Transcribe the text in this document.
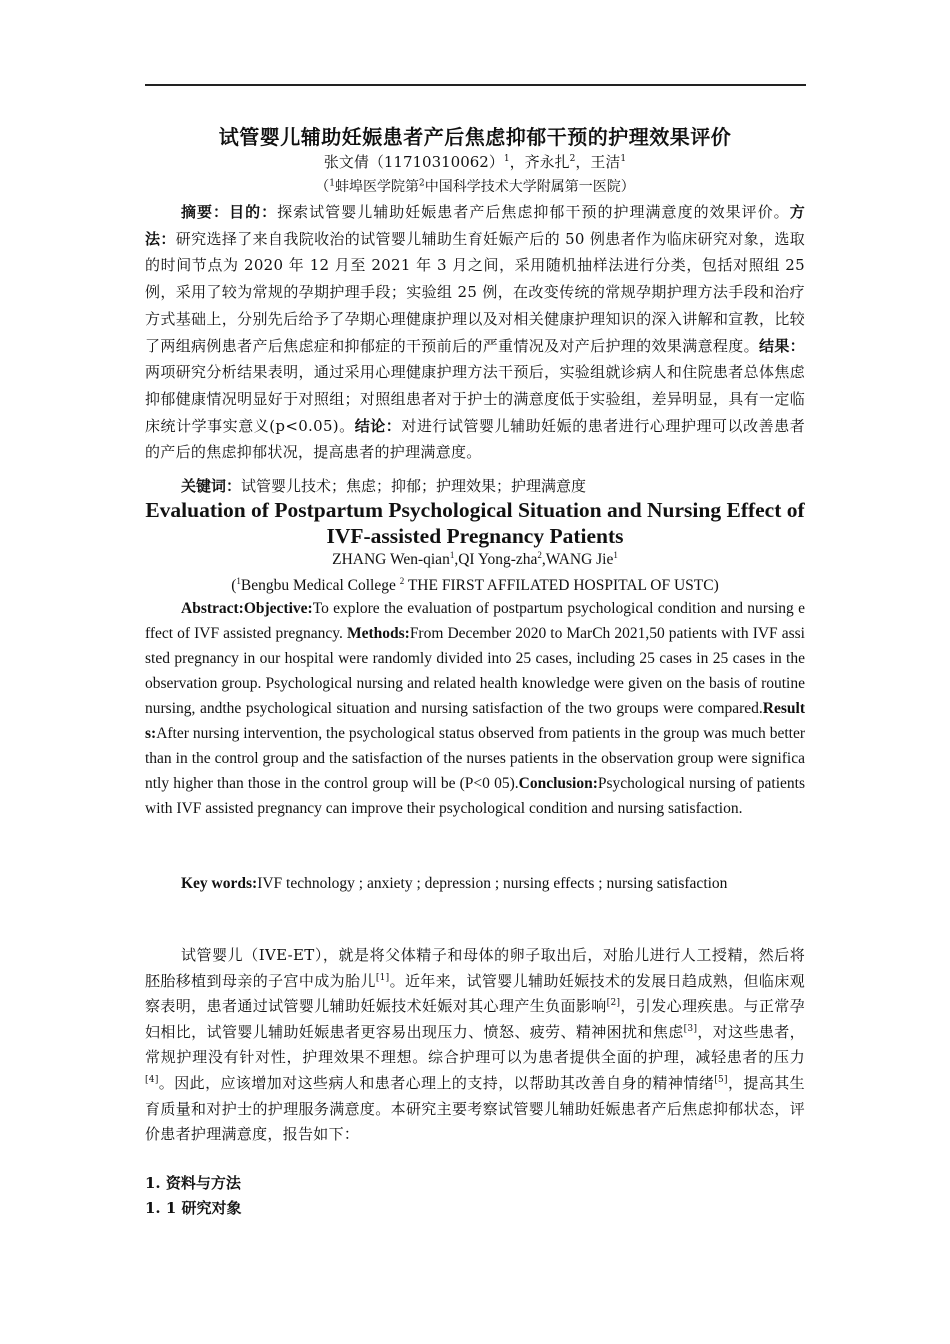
试管婴儿辅助妊娠患者产后焦虑抑郁干预的护理效果评价
张文倩$(11710310062)^1$，齐永扎$^2$，王洁$^1$
（$^1$蚌埠医学院第$^2$中国科学技术大学附属第一医院）
摘要：目的：探索试管婴儿辅助妊娠患者产后焦虑抑郁干预的护理满意度的效果评价。方法：研究选择了来自我院收治的试管婴儿辅助生育妊娠产后的 50 例患者作为临床研究对象，选取的时间节点为 2020 年 12 月至 2021 年 3 月之间，采用随机抽样法进行分类，包括对照组 25 例，采用了较为常规的孕期护理手段；实验组 25 例，在改变传统的常规孕期护理方法手段和治疗方式基础上，分别先后给予了孕期心理健康护理以及对相关健康护理知识的深入讲解和宣教，比较了两组病例患者产后焦虑症和抑郁症的干预前后的严重情况及对产后护理的效果满意程度。结果：两项研究分析结果表明，通过采用心理健康护理方法干预后，实验组就诊病人和住院患者总体焦虑抑郁健康情况明显好于对照组；对照组患者对于护士的满意度低于实验组，差异明显，具有一定临床统计学事实意义(p<0.05)。结论：对进行试管婴儿辅助妊娠的患者进行心理护理可以改善患者的产后的焦虑抑郁状况，提高患者的护理满意度。
关键词：试管婴儿技术；焦虑；抑郁；护理效果；护理满意度
Evaluation of Postpartum Psychological Situation and Nursing Effect of IVF-assisted Pregnancy Patients
ZHANG Wen-qian$^1$,QI Yong-zha$^2$,WANG Jie$^1$
($^1$Bengbu Medical College $^2$ THE FIRST AFFILATED HOSPITAL OF USTC)
Abstract:Objective:To explore the evaluation of postpartum psychological condition and nursing effect of IVF assisted pregnancy. Methods:From December 2020 to MarCh 2021,50 patients with IVF assisted pregnancy in our hospital were randomly divided into 25 cases, including 25 cases in 25 cases in the observation group. Psychological nursing and related health knowledge were given on the basis of routine nursing, andthe psychological situation and nursing satisfaction of the two groups were compared.Results:After nursing intervention, the psychological status observed from patients in the group was much better than in the control group and the satisfaction of the nurses patients in the observation group were significantly higher than those in the control group will be (P<0 05).Conclusion:Psychological nursing of patients with IVF assisted pregnancy can improve their psychological condition and nursing satisfaction.
Key words:IVF technology ; anxiety ; depression ; nursing effects ; nursing satisfaction
试管婴儿（IVE-ET），就是将父体精子和母体的卵子取出后，对胎儿进行人工授精，然后将胚胎移植到母亲的子宫中成为胎儿[1]。近年来，试管婴儿辅助妊娠技术的发展日趋成熟，但临床观察表明，患者通过试管婴儿辅助妊娠技术妊娠对其心理产生负面影响[2]，引发心理疾患。与正常孕妇相比，试管婴儿辅助妊娠患者更容易出现压力、愤怒、疲劳、精神困扰和焦虑[3]，对这些患者，常规护理没有针对性，护理效果不理想。综合护理可以为患者提供全面的护理，减轻患者的压力[4]。因此，应该增加对这些病人和患者心理上的支持，以帮助其改善自身的精神情绪[5]，提高其生育质量和对护士的护理服务满意度。本研究主要考察试管婴儿辅助妊娠患者产后焦虑抑郁状态，评价患者护理满意度，报告如下：
1. 资料与方法
1. 1 研究对象
